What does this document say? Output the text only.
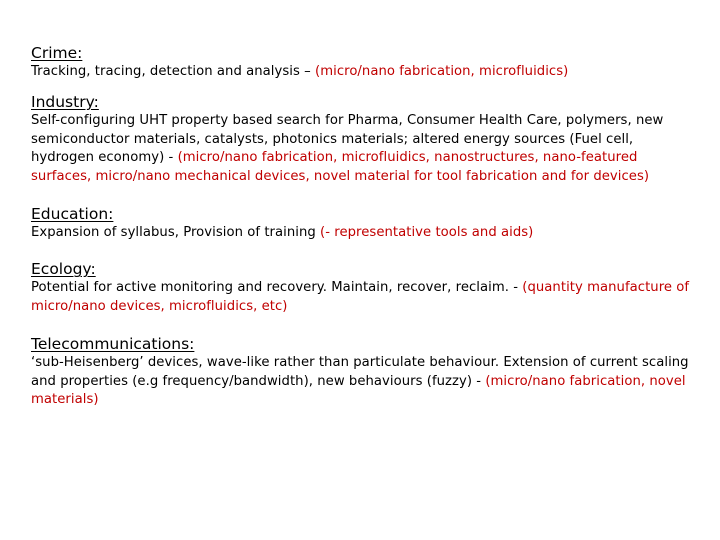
Crime:

Tracking, tracing, detection and analysis – (micro/nano fabrication, microfluidics)

Industry:

Self-configuring UHT property based search for Pharma, Consumer Health Care, polymers, new semiconductor materials, catalysts, photonics materials; altered energy sources (Fuel cell, hydrogen economy) - (micro/nano fabrication, microfluidics, nanostructures, nano-featured surfaces, micro/nano mechanical devices, novel material for tool fabrication and for devices)

Education:

Expansion of syllabus, Provision of training (- representative tools and aids)

Ecology:

Potential for active monitoring and recovery. Maintain, recover, reclaim. - (quantity manufacture of micro/nano devices, microfluidics, etc)

Telecommunications:

‘sub-Heisenberg’ devices, wave-like rather than particulate behaviour. Extension of current scaling and properties (e.g frequency/bandwidth), new behaviours (fuzzy) - (micro/nano fabrication, novel materials)
